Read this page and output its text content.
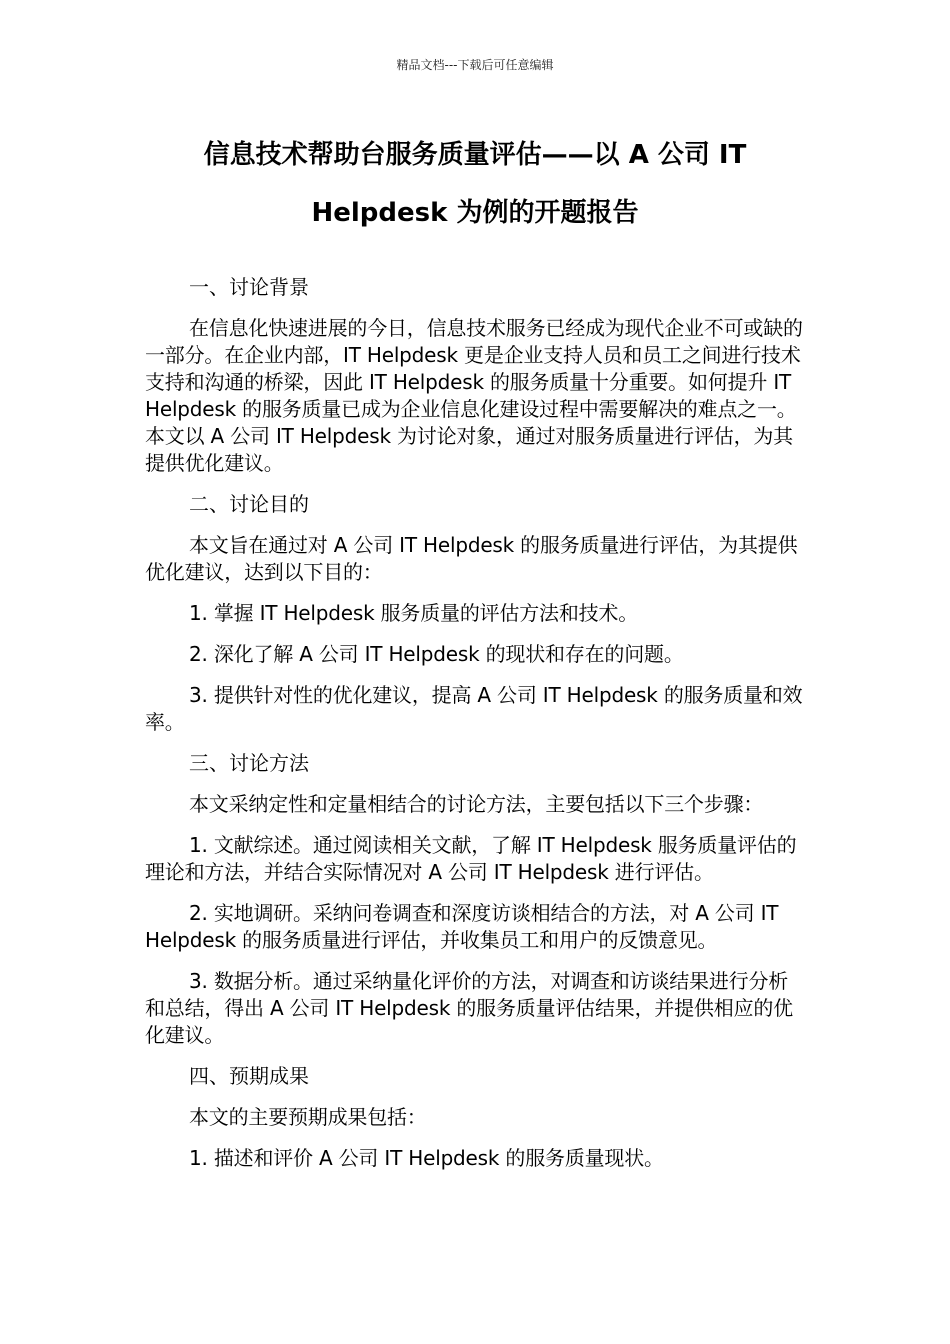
精品文档---下载后可任意编辑
信息技术帮助台服务质量评估——以 A 公司 IT
Helpdesk 为例的开题报告

一、讨论背景

在信息化快速进展的今日，信息技术服务已经成为现代企业不可或缺的一部分。在企业内部，IT Helpdesk 更是企业支持人员和员工之间进行技术支持和沟通的桥梁，因此 IT Helpdesk 的服务质量十分重要。如何提升 IT Helpdesk 的服务质量已成为企业信息化建设过程中需要解决的难点之一。本文以 A 公司 IT Helpdesk 为讨论对象，通过对服务质量进行评估，为其提供优化建议。

二、讨论目的

本文旨在通过对 A 公司 IT Helpdesk 的服务质量进行评估，为其提供优化建议，达到以下目的：

1. 掌握 IT Helpdesk 服务质量的评估方法和技术。

2. 深化了解 A 公司 IT Helpdesk 的现状和存在的问题。

3. 提供针对性的优化建议，提高 A 公司 IT Helpdesk 的服务质量和效率。

三、讨论方法

本文采纳定性和定量相结合的讨论方法，主要包括以下三个步骤：

1. 文献综述。通过阅读相关文献，了解 IT Helpdesk 服务质量评估的理论和方法，并结合实际情况对 A 公司 IT Helpdesk 进行评估。

2. 实地调研。采纳问卷调查和深度访谈相结合的方法，对 A 公司 IT Helpdesk 的服务质量进行评估，并收集员工和用户的反馈意见。

3. 数据分析。通过采纳量化评价的方法，对调查和访谈结果进行分析和总结，得出 A 公司 IT Helpdesk 的服务质量评估结果，并提供相应的优化建议。

四、预期成果

本文的主要预期成果包括：

1. 描述和评价 A 公司 IT Helpdesk 的服务质量现状。
